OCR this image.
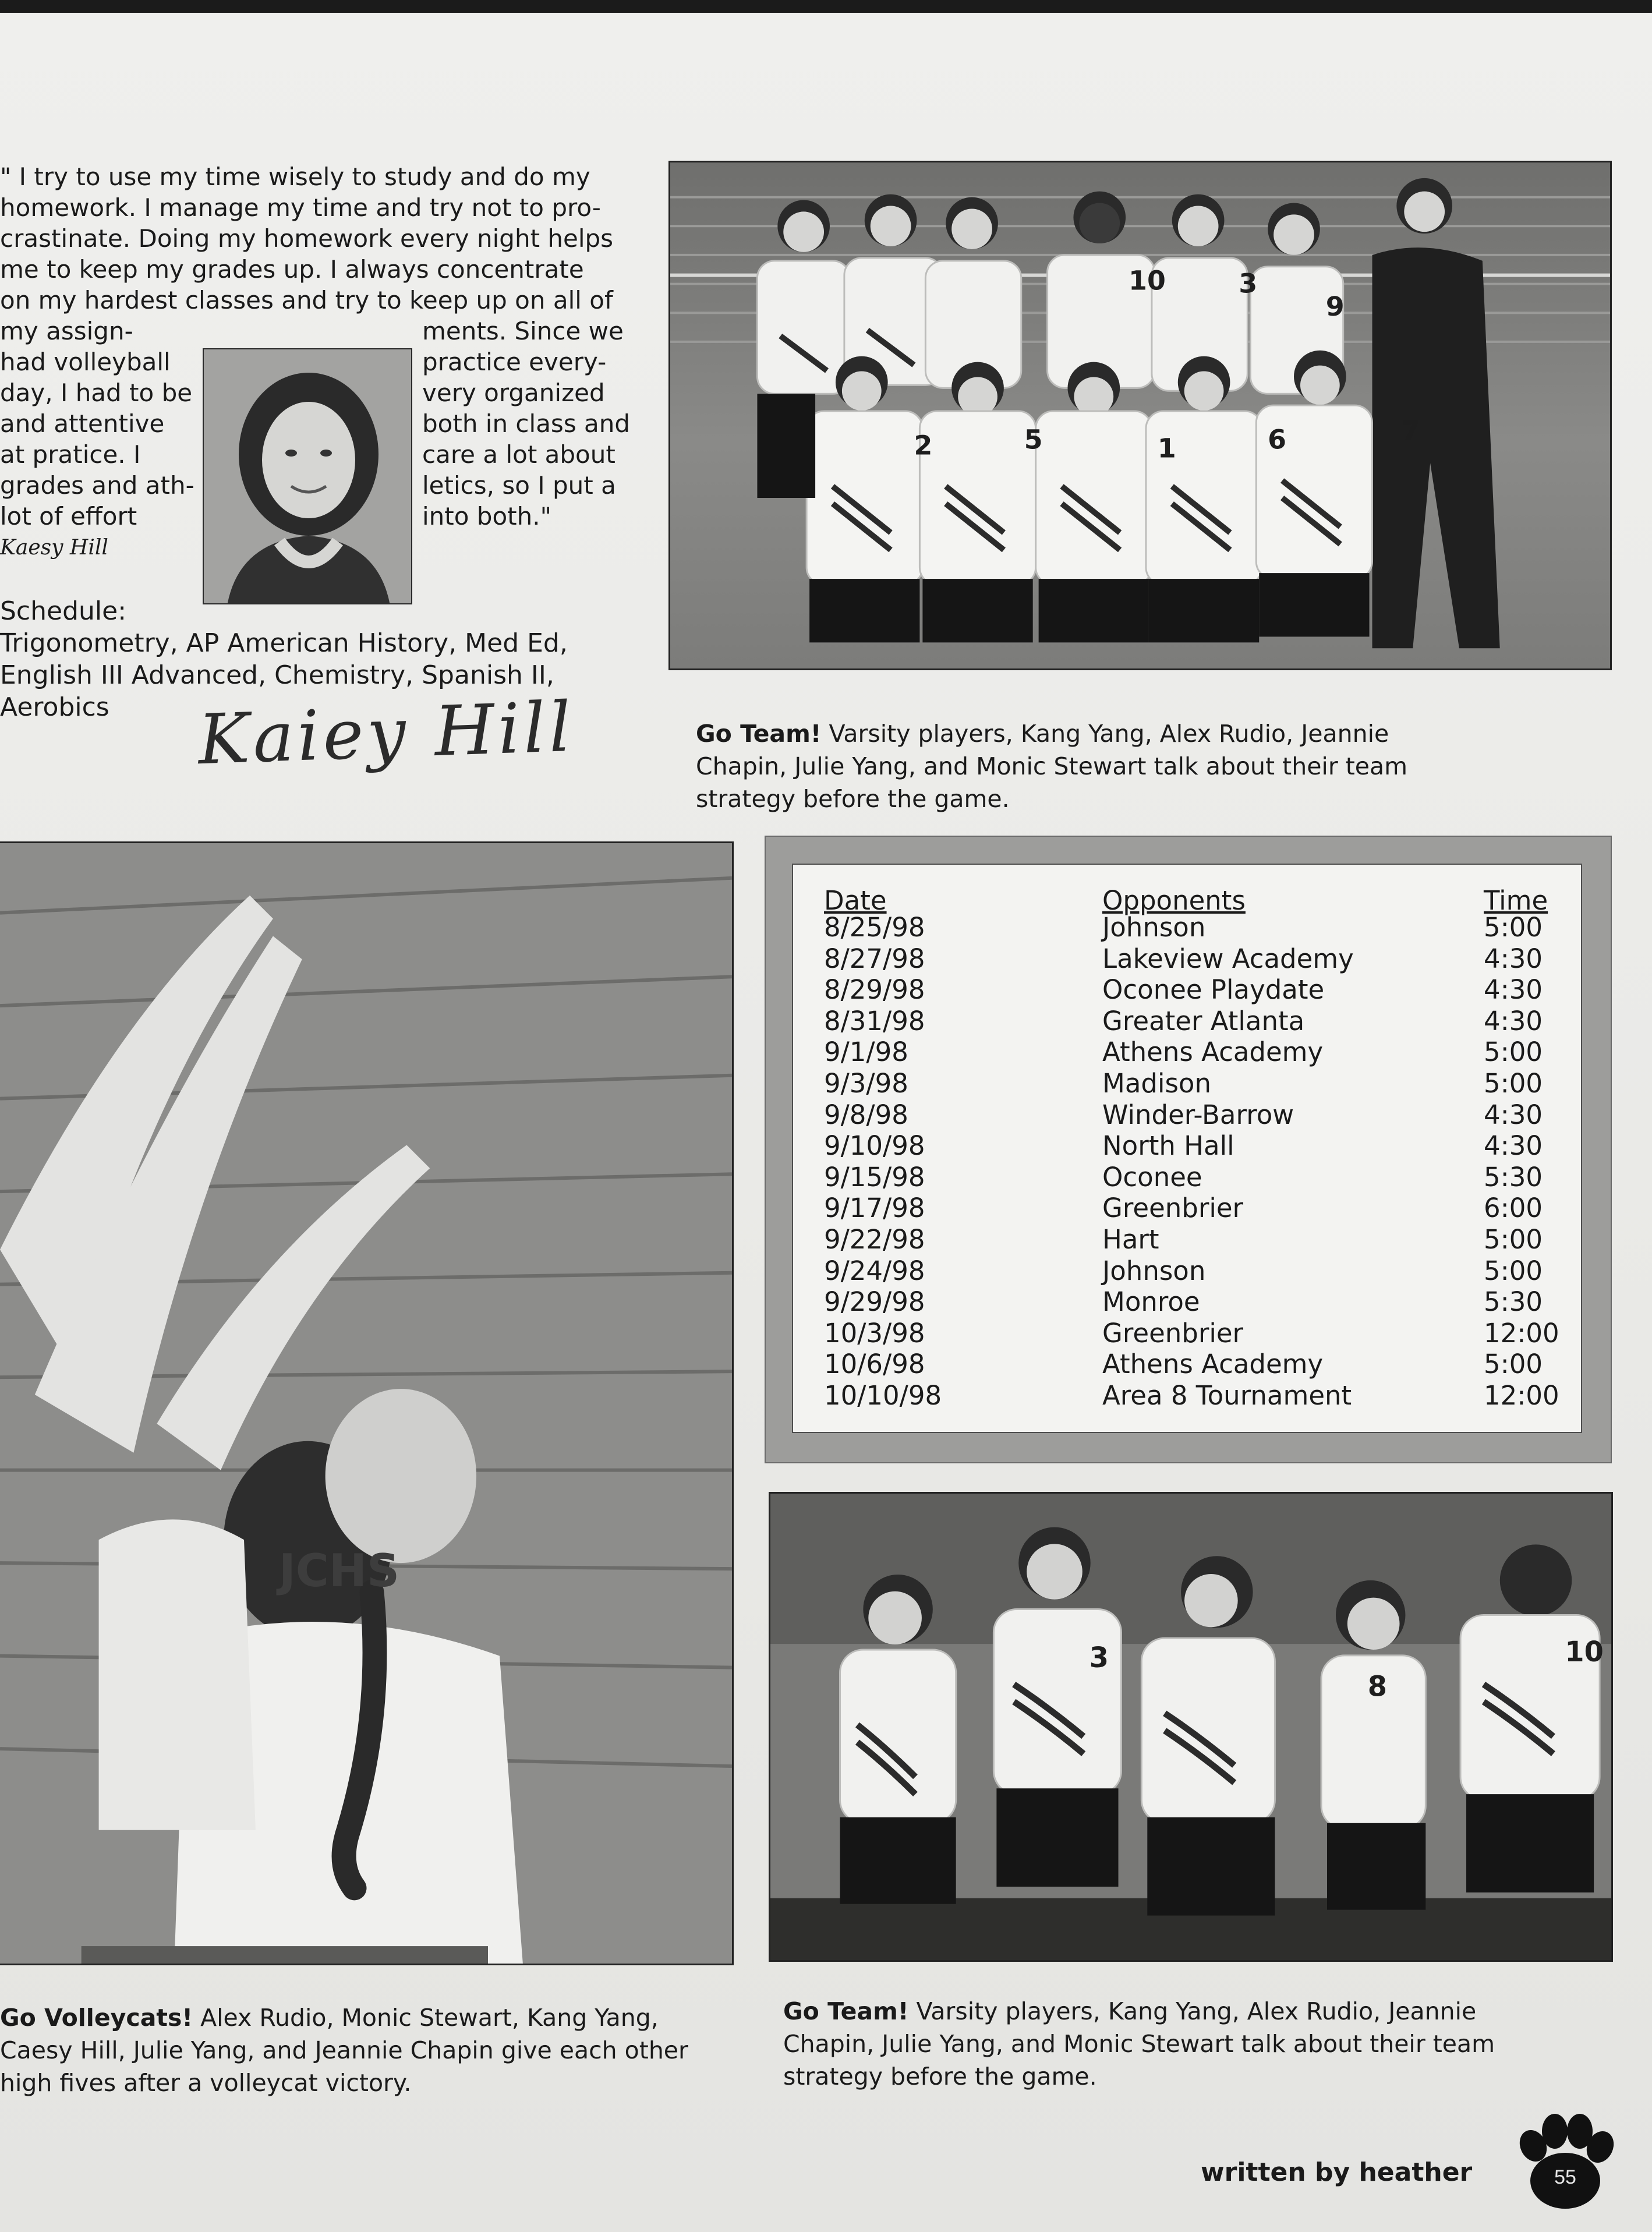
" I try to use my time wisely to study and do my
homework. I manage my time and try not to pro-
crastinate. Doing my homework every night helps
me to keep my grades up. I always concentrate
on my hardest classes and try to keep up on all of
my assign-
had volleyball
day, I had to be
and attentive
at pratice. I
grades and ath-
lot of effort
ments. Since we
practice every-
very organized
both in class and
care a lot about
letics, so I put a
into both."
Kaesy Hill
Schedule:
Trigonometry, AP American History, Med Ed,
English III Advanced, Chemistry, Spanish II,
Aerobics	Kaiey Hill
10	3
9
2	5	1	6	7
Go Team! Varsity players, Kang Yang, Alex Rudio, Jeannie
Chapin, Julie Yang, and Monic Stewart talk about their team
strategy before the game.
JCHS
Go Volleycats! Alex Rudio, Monic Stewart, Kang Yang,
Caesy Hill, Julie Yang, and Jeannie Chapin give each other
high fives after a volleycat victory.
Date	Opponents	Time
8/25/98	Johnson	5:00
8/27/98	Lakeview Academy	4:30
8/29/98	Oconee Playdate	4:30
8/31/98	Greater Atlanta	4:30
9/1/98	Athens Academy	5:00
9/3/98	Madison	5:00
9/8/98	Winder-Barrow	4:30
9/10/98	North Hall	4:30
9/15/98	Oconee	5:30
9/17/98	Greenbrier	6:00
9/22/98	Hart	5:00
9/24/98	Johnson	5:00
9/29/98	Monroe	5:30
10/3/98	Greenbrier	12:00
10/6/98	Athens Academy	5:00
10/10/98	Area 8 Tournament	12:00
3
8
10
Go Team! Varsity players, Kang Yang, Alex Rudio, Jeannie
Chapin, Julie Yang, and Monic Stewart talk about their team
strategy before the game.
written by heather	55
